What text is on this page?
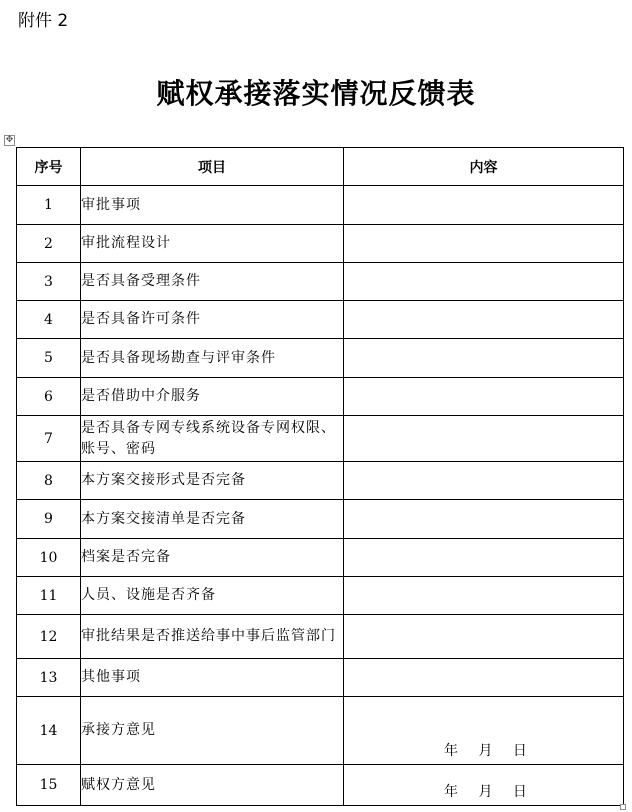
附件 2
赋权承接落实情况反馈表
✥
序号	项目	内容
1	审批事项	
2	审批流程设计	
3	是否具备受理条件	
4	是否具备许可条件	
5	是否具备现场勘查与评审条件	
6	是否借助中介服务	
7	是否具备专网专线系统设备专网权限、账号、密码	
8	本方案交接形式是否完备	
9	本方案交接清单是否完备	
10	档案是否完备	
11	人员、设施是否齐备	
12	审批结果是否推送给事中事后监管部门	
13	其他事项	
14	承接方意见	年 月 日

15	赋权方意见	年 月 日
